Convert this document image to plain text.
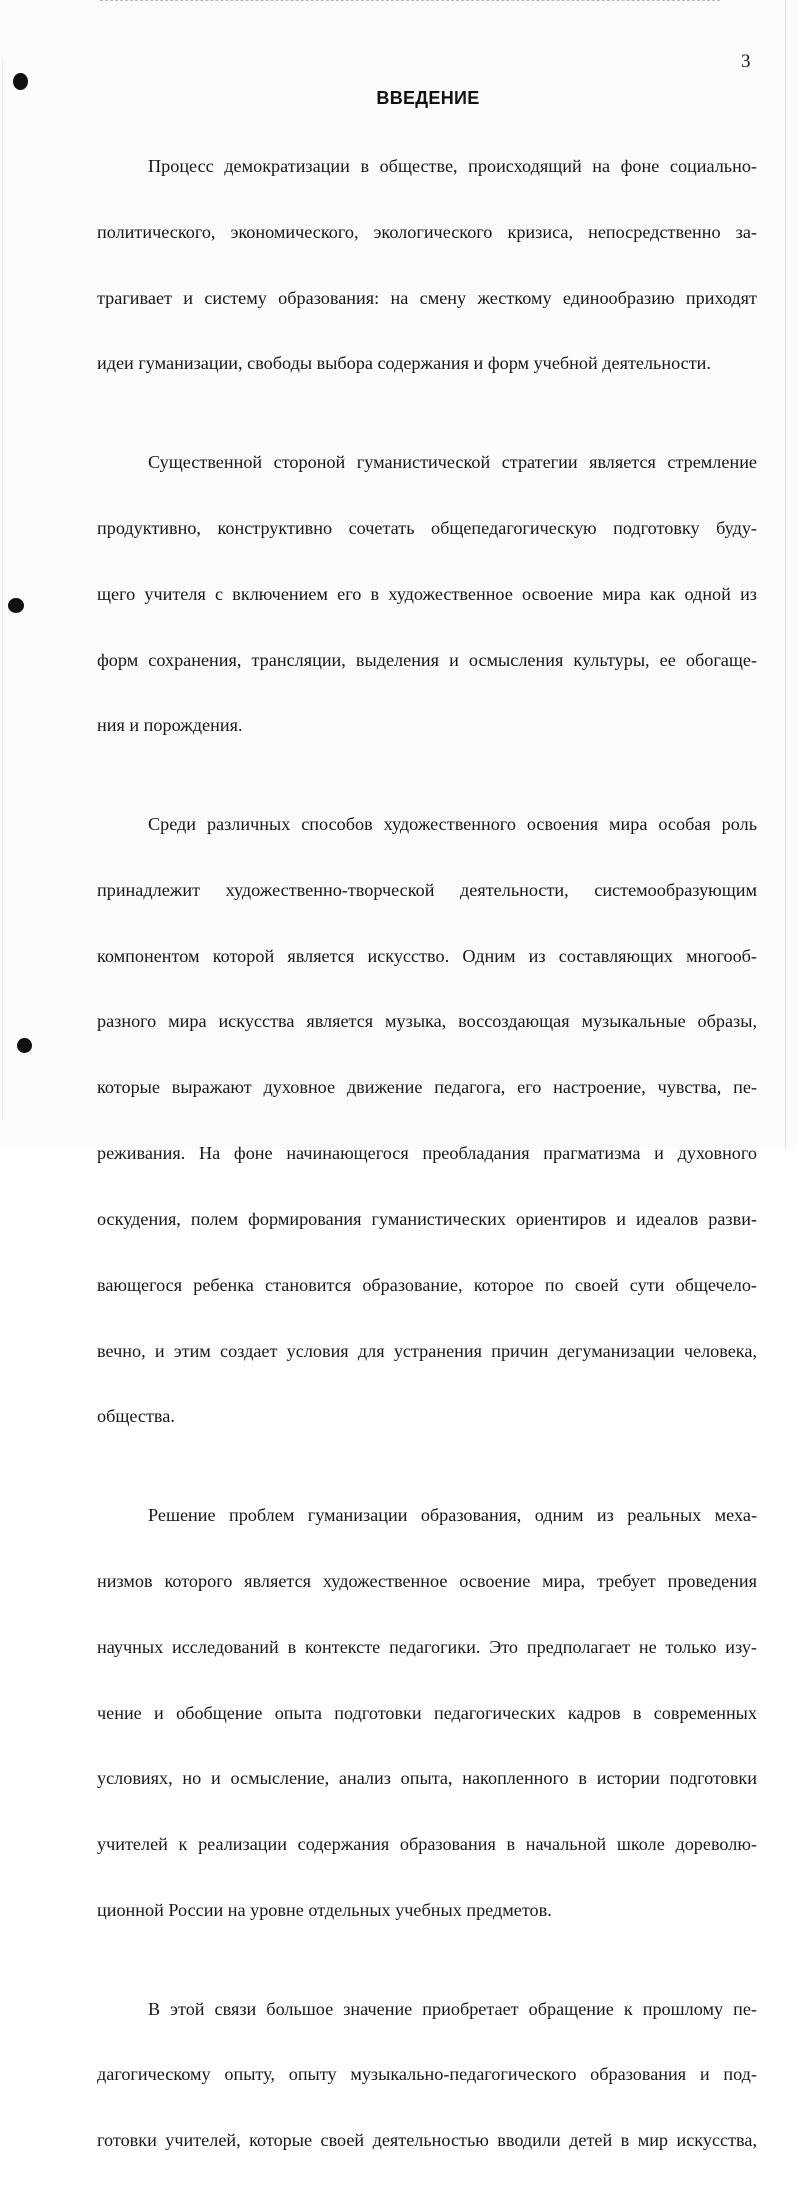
3
ВВЕДЕНИЕ

Процесс демократизации в обществе, происходящий на фоне социально-

политического, экономического, экологического кризиса, непосредственно за-

трагивает и систему образования: на смену жесткому единообразию приходят

идеи гуманизации, свободы выбора содержания и форм учебной деятельности.

Существенной стороной гуманистической стратегии является стремление

продуктивно, конструктивно сочетать общепедагогическую подготовку буду-

щего учителя с включением его в художественное освоение мира как одной из

форм сохранения, трансляции, выделения и осмысления культуры, ее обогаще-

ния и порождения.

Среди различных способов художественного освоения мира особая роль

принадлежит художественно-творческой деятельности, системообразующим

компонентом которой является искусство. Одним из составляющих многооб-

разного мира искусства является музыка, воссоздающая музыкальные образы,

которые выражают духовное движение педагога, его настроение, чувства, пе-

реживания. На фоне начинающегося преобладания прагматизма и духовного

оскудения, полем формирования гуманистических ориентиров и идеалов разви-

вающегося ребенка становится образование, которое по своей сути общечело-

вечно, и этим создает условия для устранения причин дегуманизации человека,

общества.

Решение проблем гуманизации образования, одним из реальных меха-

низмов которого является художественное освоение мира, требует проведения

научных исследований в контексте педагогики. Это предполагает не только изу-

чение и обобщение опыта подготовки педагогических кадров в современных

условиях, но и осмысление, анализ опыта, накопленного в истории подготовки

учителей к реализации содержания образования в начальной школе дореволю-

ционной России на уровне отдельных учебных предметов.

В этой связи большое значение приобретает обращение к прошлому пе-

дагогическому опыту, опыту музыкально-педагогического образования и под-

готовки учителей, которые своей деятельностью вводили детей в мир искусства,
